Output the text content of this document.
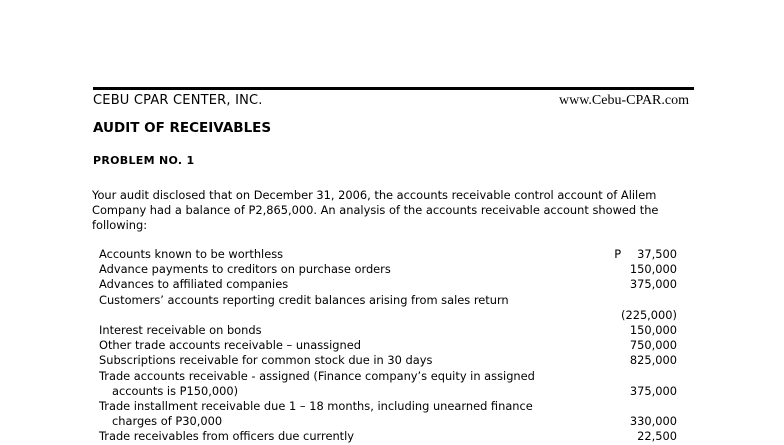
CEBU CPAR CENTER, INC.	www.Cebu-CPAR.com
AUDIT OF RECEIVABLES
PROBLEM NO. 1

Your audit disclosed that on December 31, 2006, the accounts receivable control account of Alilem Company had a balance of P2,865,000. An analysis of the accounts receivable account showed the following:

Accounts known to be worthless	P 37,500
Advance payments to creditors on purchase orders	150,000
Advances to affiliated companies	375,000
Customers’ accounts reporting credit balances arising from sales return
(225,000)
Interest receivable on bonds	150,000
Other trade accounts receivable – unassigned	750,000
Subscriptions receivable for common stock due in 30 days	825,000
Trade accounts receivable - assigned (Finance company’s equity in assigned
accounts is P150,000)	375,000
Trade installment receivable due 1 – 18 months, including unearned finance
charges of P30,000	330,000
Trade receivables from officers due currently	22,500
